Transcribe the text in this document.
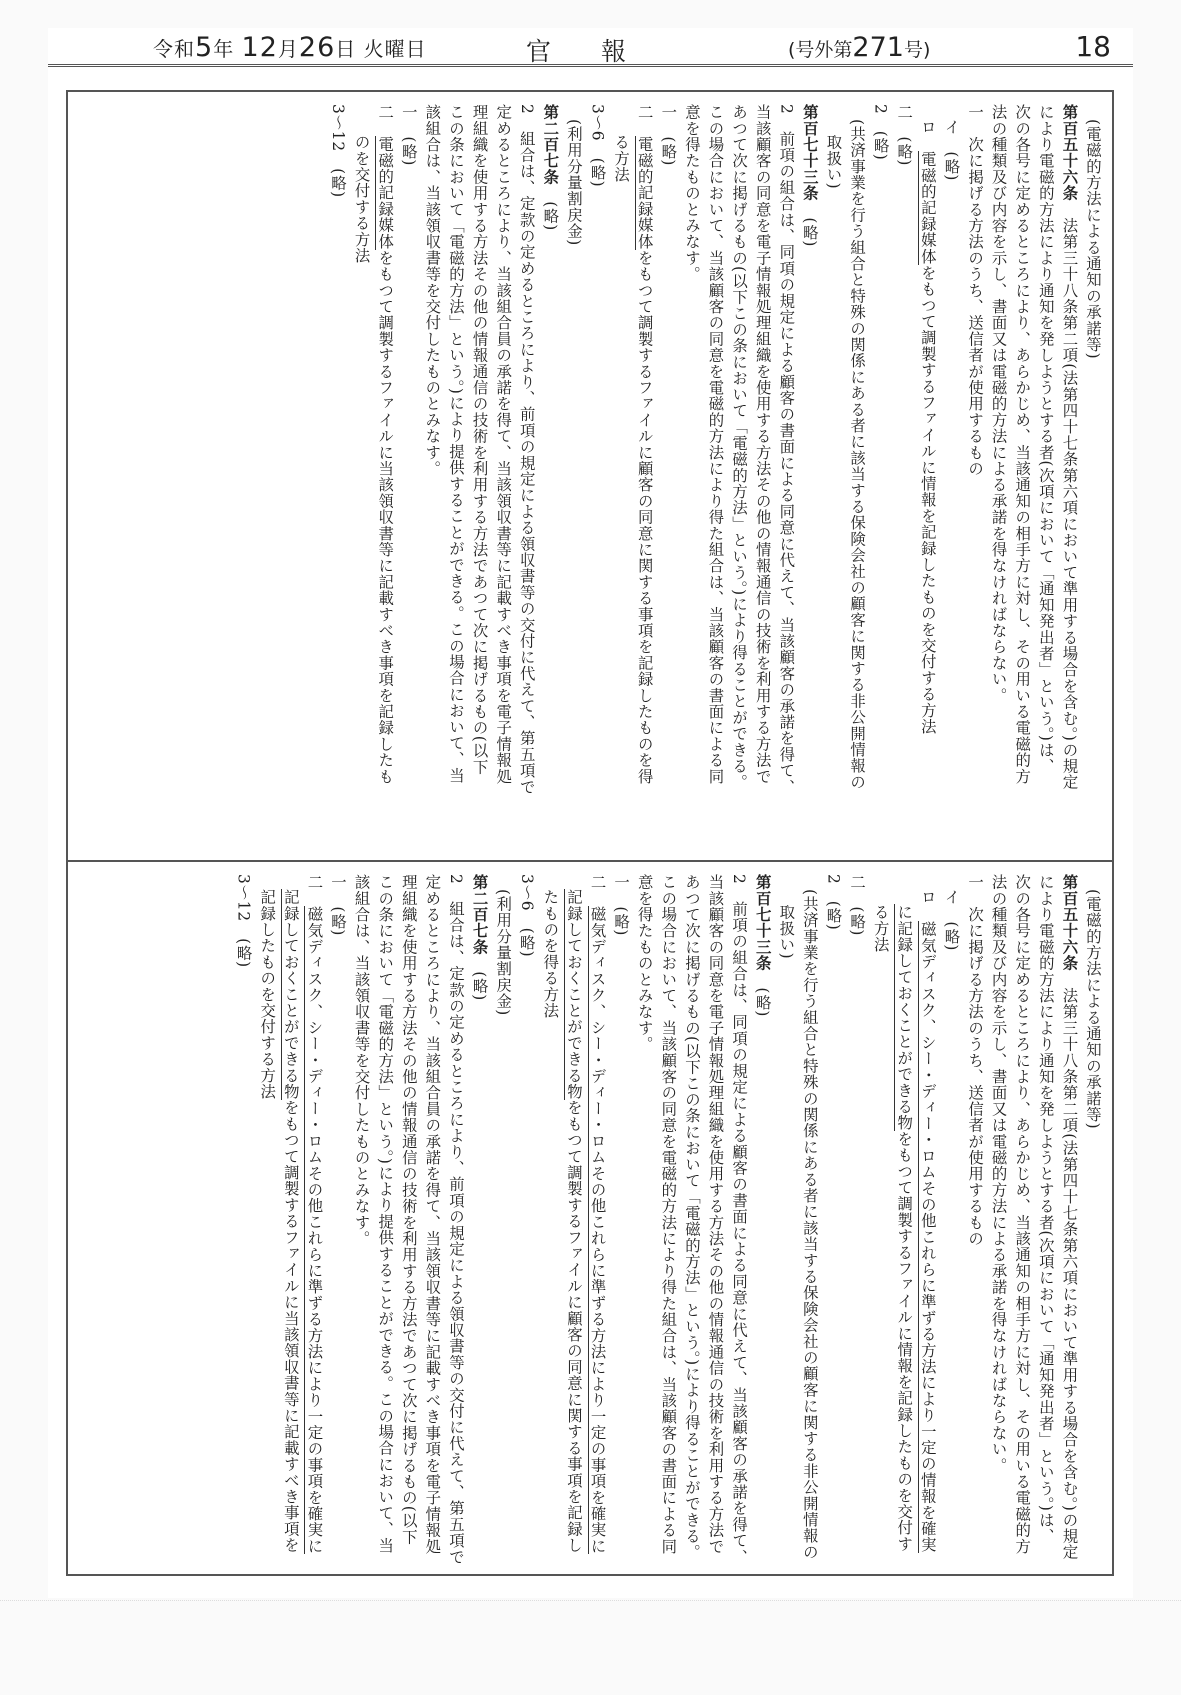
令和5年 12月26日 火曜日	官報	(号外第271号)	18
(電磁的方法による通知の承諾等)
第百五十六条　法第三十八条第二項(法第四十七条第六項において準用する場合を含む。)の規定
により電磁的方法により通知を発しようとする者(次項において「通知発出者」という。)は、
次の各号に定めるところにより、あらかじめ、当該通知の相手方に対し、その用いる電磁的方
法の種類及び内容を示し、書面又は電磁的方法による承諾を得なければならない。
一　次に掲げる方法のうち、送信者が使用するもの
イ　(略)
ロ　電磁的記録媒体をもつて調製するファイルに情報を記録したものを交付する方法
二　(略)
2　(略)
(共済事業を行う組合と特殊の関係にある者に該当する保険会社の顧客に関する非公開情報の
取扱い)
第百七十三条　(略)
2　前項の組合は、同項の規定による顧客の書面による同意に代えて、当該顧客の承諾を得て、
当該顧客の同意を電子情報処理組織を使用する方法その他の情報通信の技術を利用する方法で
あつて次に掲げるもの(以下この条において「電磁的方法」という。)により得ることができる。
この場合において、当該顧客の同意を電磁的方法により得た組合は、当該顧客の書面による同
意を得たものとみなす。
一　(略)
二　電磁的記録媒体をもつて調製するファイルに顧客の同意に関する事項を記録したものを得
る方法
3〜6　(略)
(利用分量割戻金)
第二百七条　(略)
2　組合は、定款の定めるところにより、前項の規定による領収書等の交付に代えて、第五項で
定めるところにより、当該組合員の承諾を得て、当該領収書等に記載すべき事項を電子情報処
理組織を使用する方法その他の情報通信の技術を利用する方法であつて次に掲げるもの(以下
この条において「電磁的方法」という。)により提供することができる。この場合において、当
該組合は、当該領収書等を交付したものとみなす。
一　(略)
二　電磁的記録媒体をもつて調製するファイルに当該領収書等に記載すべき事項を記録したも
のを交付する方法
3〜12　(略)
(電磁的方法による通知の承諾等)
第百五十六条　法第三十八条第二項(法第四十七条第六項において準用する場合を含む。)の規定
により電磁的方法により通知を発しようとする者(次項において「通知発出者」という。)は、
次の各号に定めるところにより、あらかじめ、当該通知の相手方に対し、その用いる電磁的方
法の種類及び内容を示し、書面又は電磁的方法による承諾を得なければならない。
一　次に掲げる方法のうち、送信者が使用するもの
イ　(略)
ロ　磁気ディスク、シー・ディー・ロムその他これらに準ずる方法により一定の情報を確実
に記録しておくことができる物をもつて調製するファイルに情報を記録したものを交付す
る方法
二　(略)
2　(略)
(共済事業を行う組合と特殊の関係にある者に該当する保険会社の顧客に関する非公開情報の
取扱い)
第百七十三条　(略)
2　前項の組合は、同項の規定による顧客の書面による同意に代えて、当該顧客の承諾を得て、
当該顧客の同意を電子情報処理組織を使用する方法その他の情報通信の技術を利用する方法で
あつて次に掲げるもの(以下この条において「電磁的方法」という。)により得ることができる。
この場合において、当該顧客の同意を電磁的方法により得た組合は、当該顧客の書面による同
意を得たものとみなす。
一　(略)
二　磁気ディスク、シー・ディー・ロムその他これらに準ずる方法により一定の事項を確実に
記録しておくことができる物をもつて調製するファイルに顧客の同意に関する事項を記録し
たものを得る方法
3〜6　(略)
(利用分量割戻金)
第二百七条　(略)
2　組合は、定款の定めるところにより、前項の規定による領収書等の交付に代えて、第五項で
定めるところにより、当該組合員の承諾を得て、当該領収書等に記載すべき事項を電子情報処
理組織を使用する方法その他の情報通信の技術を利用する方法であつて次に掲げるもの(以下
この条において「電磁的方法」という。)により提供することができる。この場合において、当
該組合は、当該領収書等を交付したものとみなす。
一　(略)
二　磁気ディスク、シー・ディー・ロムその他これらに準ずる方法により一定の事項を確実に
記録しておくことができる物をもつて調製するファイルに当該領収書等に記載すべき事項を
記録したものを交付する方法
3〜12　(略)
